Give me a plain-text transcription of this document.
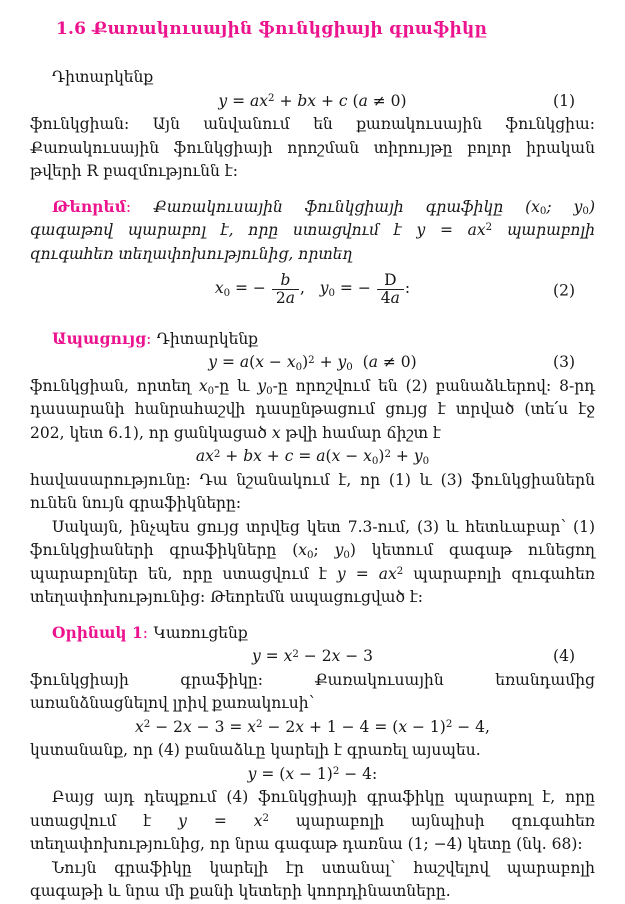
1.6 Քառակուսային ֆունկցիայի գրաֆիկը
Դիտարկենք
$y = ax^2$ + bx + c (a ≠ 0)	(1)
ֆունկցիան։ Այն անվանում են քառակուսային ֆունկցիա։ Քառակուսային ֆունկցիայի որոշման տիրույթը բոլոր իրական թվերի R բազմությունն է։
Թեորեմ։ Քառակուսային ֆունկցիայի գրաֆիկը (x0; y0) գագաթով պարաբոլ է, որը ստացվում է $y = ax^2$ պարաբոլի զուգահեռ տեղափոխությունից, որտեղ
x0 = − $\frac{b}{2a}$ ,   y0 = − $\frac{D}{4a}$ ։	(2)
Ապացույց։ Դիտարկենք
$y = a(x - x0)^2 + y0$  (a ≠ 0)	(3)
ֆունկցիան, որտեղ x0-ը և y0-ը որոշվում են (2) բանաձևերով։ 8-րդ դասարանի հանրահաշվի դասընթացում ցույց է տրված (տե՛ս էջ 202, կետ 6.1), որ ցանկացած x թվի համար ճիշտ է
$ax^2$ + bx + $c = a(x - x0)^2 + y0$
հավասարությունը։ Դա նշանակում է, որ (1) և (3) ֆունկցիաներն ունեն նույն գրաֆիկները։
Սակայն, ինչպես ցույց տրվեց կետ 7.3-ում, (3) և հետևաբար՝ (1) ֆունկցիաների գրաֆիկները (x0; y0) կետում գագաթ ունեցող պարաբոլներ են, որը ստացվում է $y = ax^2$ պարաբոլի զուգահեռ տեղափոխությունից։ Թեորեմն ապացուցված է։
Օրինակ 1։ Կառուցենք
$y = x^2 - 2x - 3$	(4)
ֆունկցիայի գրաֆիկը։ Քառակուսային եռանդամից առանձնացնելով լրիվ քառակուսի՝
$x^2 - 2x - 3 = x^2 - 2x + 1 - 4 = (x - 1)^2 - 4$,
կստանանք, որ (4) բանաձևը կարելի է գրառել այսպես.
$y = (x - 1)^2$ − 4։
Բայց այդ դեպքում (4) ֆունկցիայի գրաֆիկը պարաբոլ է, որը ստացվում է $y = x^2$ պարաբոլի այնպիսի զուգահեռ տեղափոխությունից, որ նրա գագաթ դառնա (1; −4) կետը (նկ. 68)։
Նույն գրաֆիկը կարելի էր ստանալ՝ հաշվելով պարաբոլի գագաթի և նրա մի քանի կետերի կոորդինատները.
